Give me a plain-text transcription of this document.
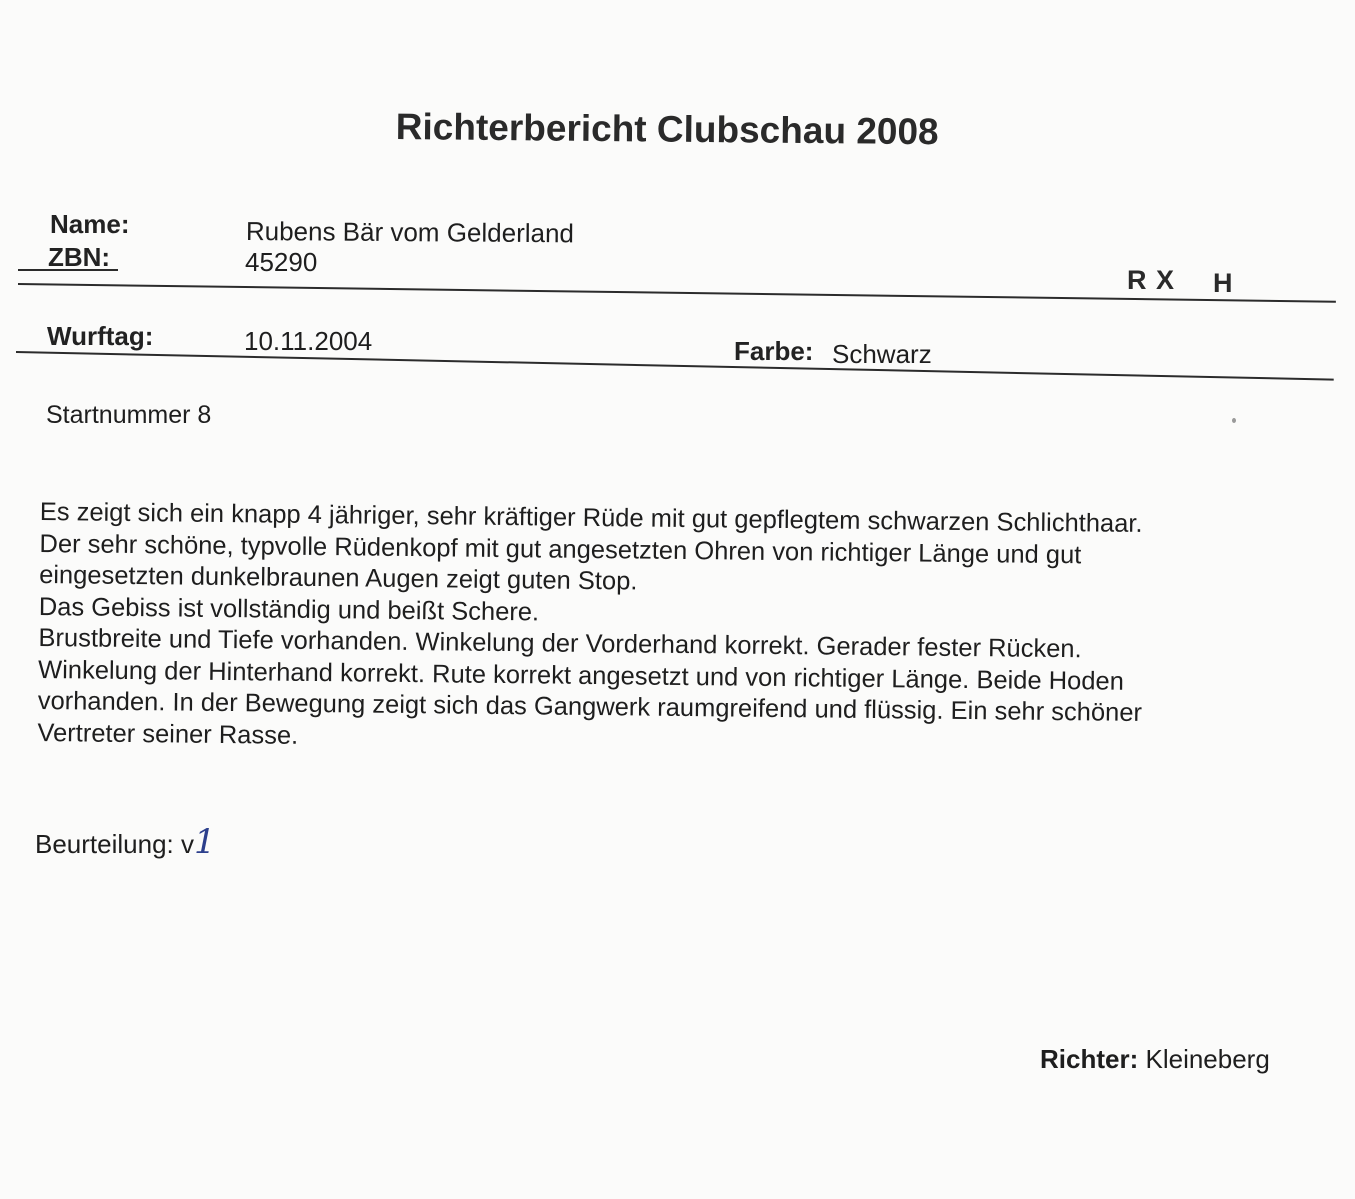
Richterbericht Clubschau 2008
Name:	Rubens Bär vom Gelderland
ZBN:	45290
R X H
Wurftag:	10.11.2004	Farbe: Schwarz
Startnummer 8
Es zeigt sich ein knapp 4 jähriger, sehr kräftiger Rüde mit gut gepflegtem schwarzen Schlichthaar.
Der sehr schöne, typvolle Rüdenkopf mit gut angesetzten Ohren von richtiger Länge und gut
eingesetzten dunkelbraunen Augen zeigt guten Stop.
Das Gebiss ist vollständig und beißt Schere.
Brustbreite und Tiefe vorhanden. Winkelung der Vorderhand korrekt. Gerader fester Rücken.
Winkelung der Hinterhand korrekt. Rute korrekt angesetzt und von richtiger Länge. Beide Hoden
vorhanden. In der Bewegung zeigt sich das Gangwerk raumgreifend und flüssig. Ein sehr schöner
Vertreter seiner Rasse.
Beurteilung: v1
Richter: Kleineberg
